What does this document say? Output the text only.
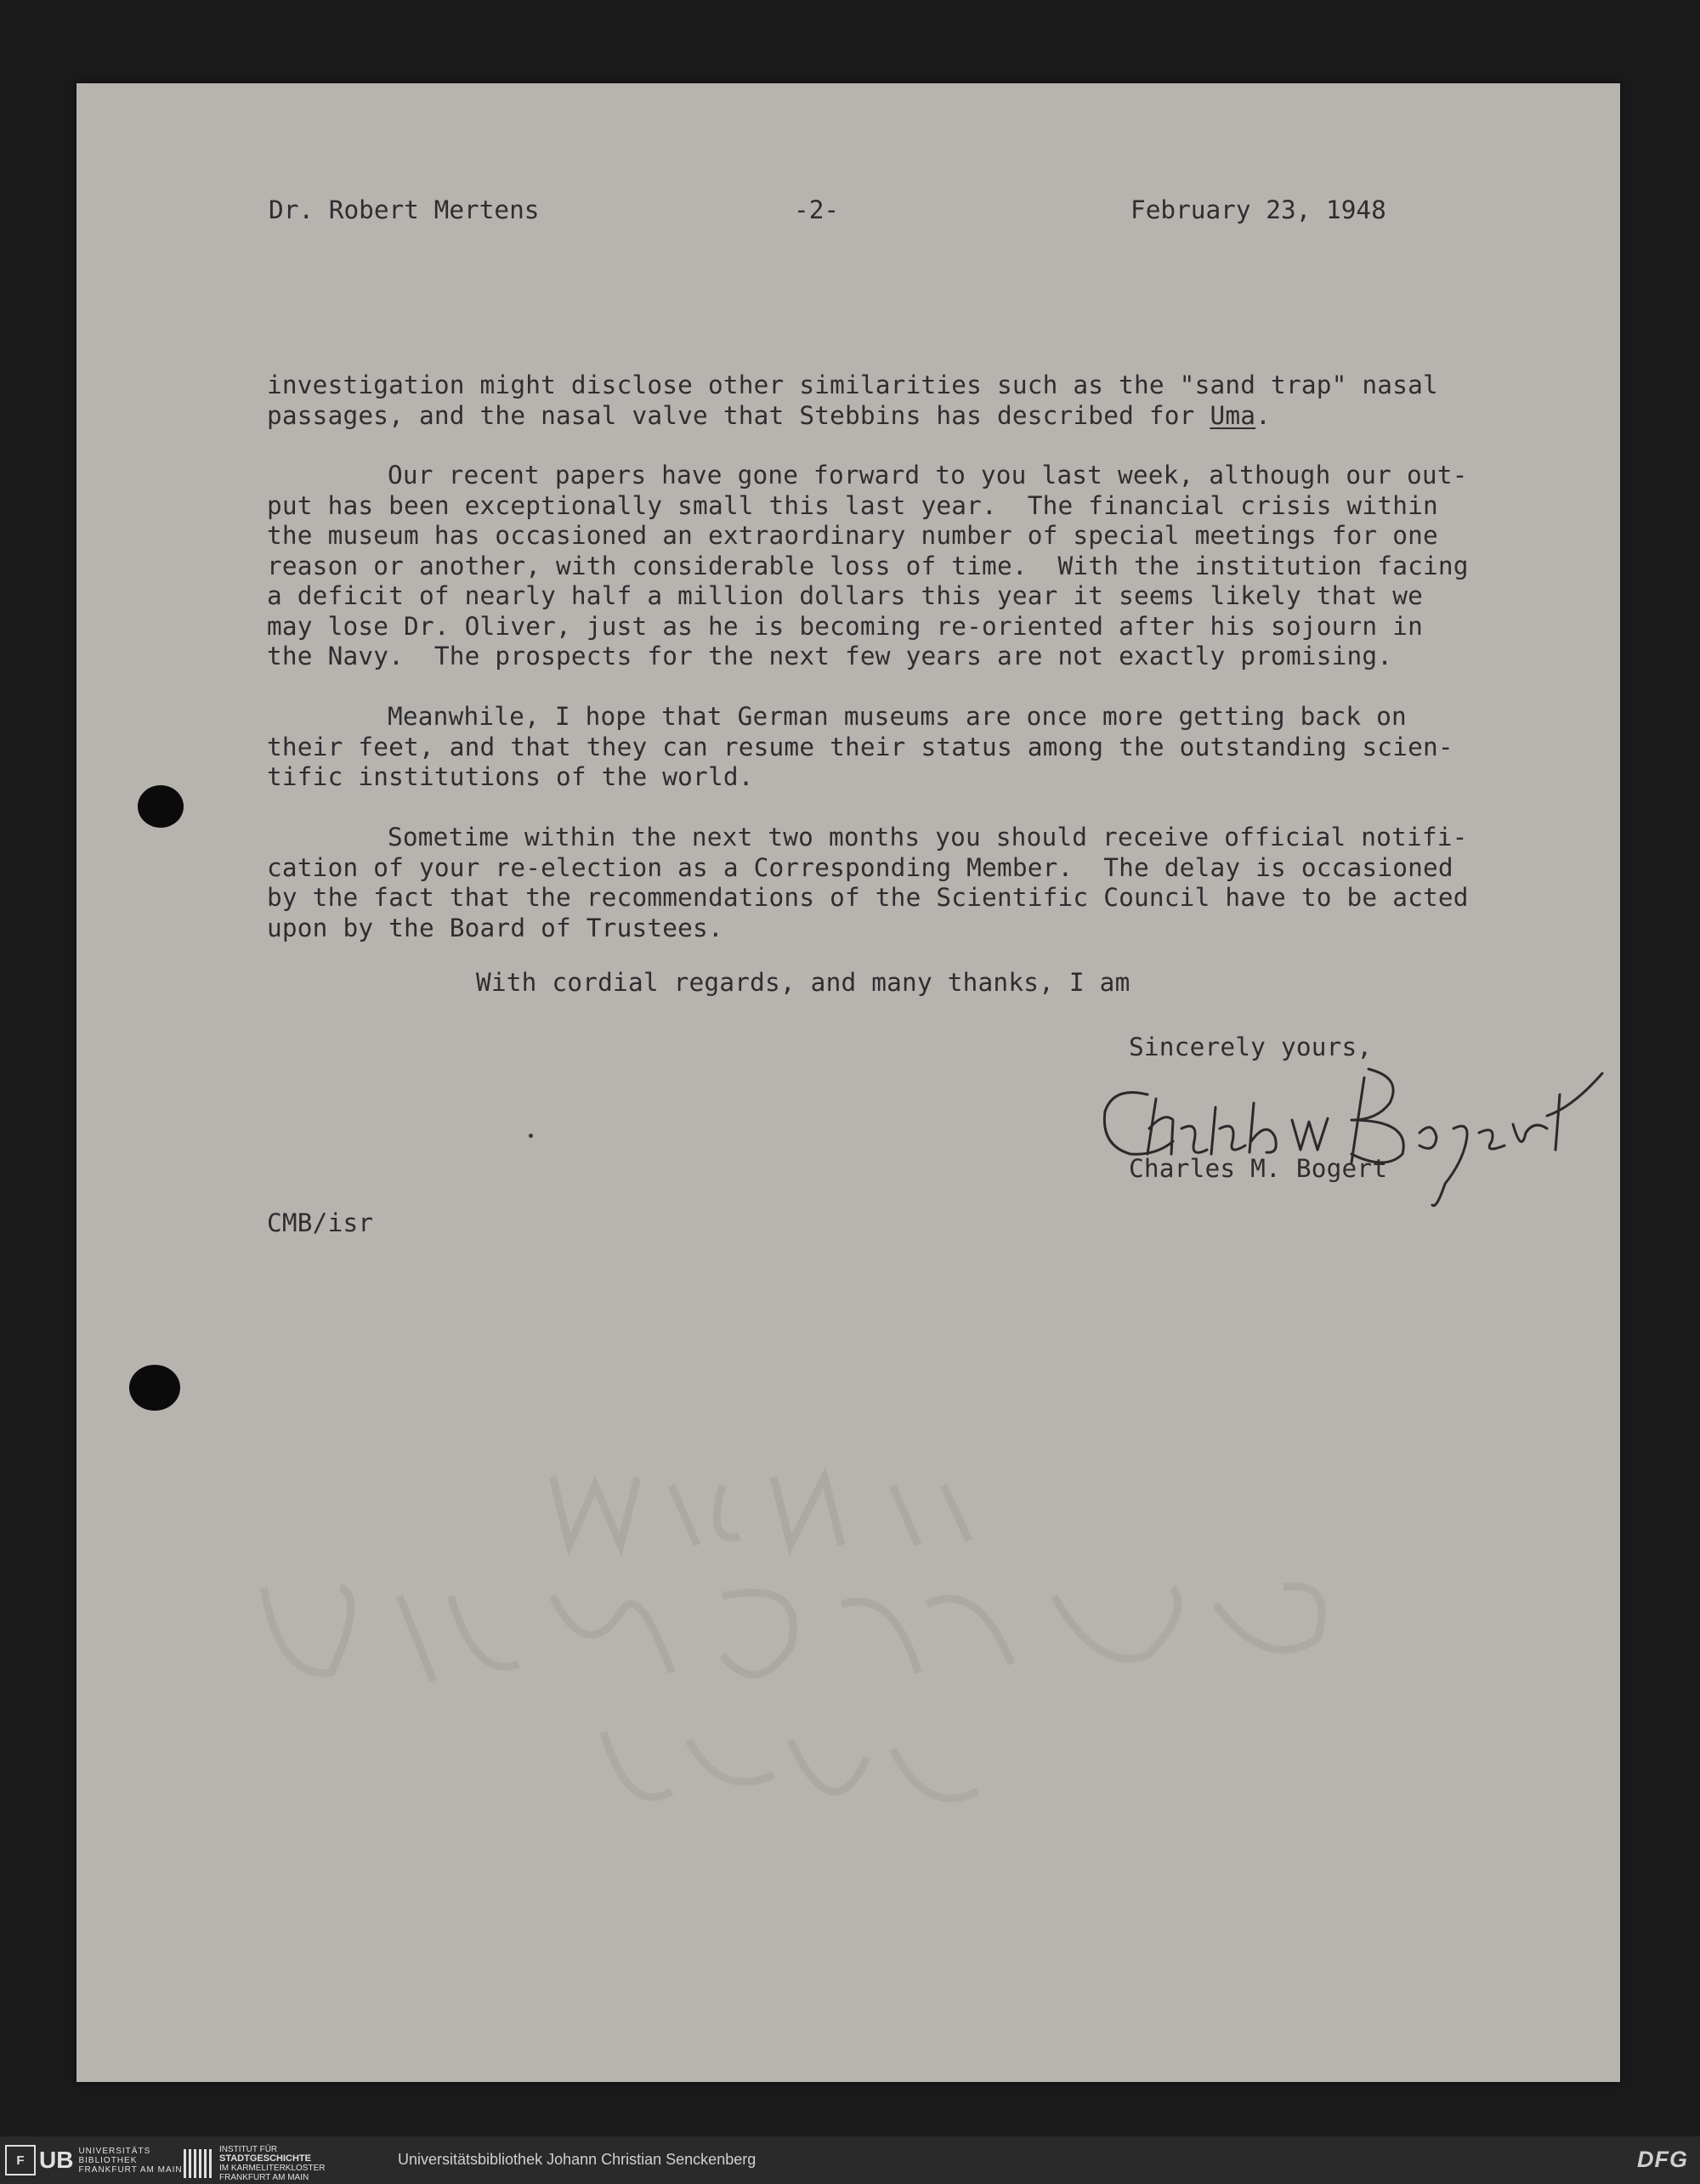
Dr. Robert Mertens	-2-	February 23, 1948
investigation might disclose other similarities such as the "sand trap" nasal
passages, and the nasal valve that Stebbins has described for Uma.
Our recent papers have gone forward to you last week, although our out-
put has been exceptionally small this last year.  The financial crisis within
the museum has occasioned an extraordinary number of special meetings for one
reason or another, with considerable loss of time.  With the institution facing
a deficit of nearly half a million dollars this year it seems likely that we
may lose Dr. Oliver, just as he is becoming re-oriented after his sojourn in
the Navy.  The prospects for the next few years are not exactly promising.
Meanwhile, I hope that German museums are once more getting back on
their feet, and that they can resume their status among the outstanding scien-
tific institutions of the world.
Sometime within the next two months you should receive official notifi-
cation of your re-election as a Corresponding Member.  The delay is occasioned
by the fact that the recommendations of the Scientific Council have to be acted
upon by the Board of Trustees.
With cordial regards, and many thanks, I am
Sincerely yours,
Charles M. Bogert
Charles M. Bogert
CMB/isr
F UB UNIVERSITÄTS
BIBLIOTHEK
FRANKFURT AM MAIN
INSTITUT FÜR
STADTGESCHICHTE
IM KARMELITERKLOSTER
FRANKFURT AM MAIN
Universitätsbibliothek Johann Christian Senckenberg	DFG
